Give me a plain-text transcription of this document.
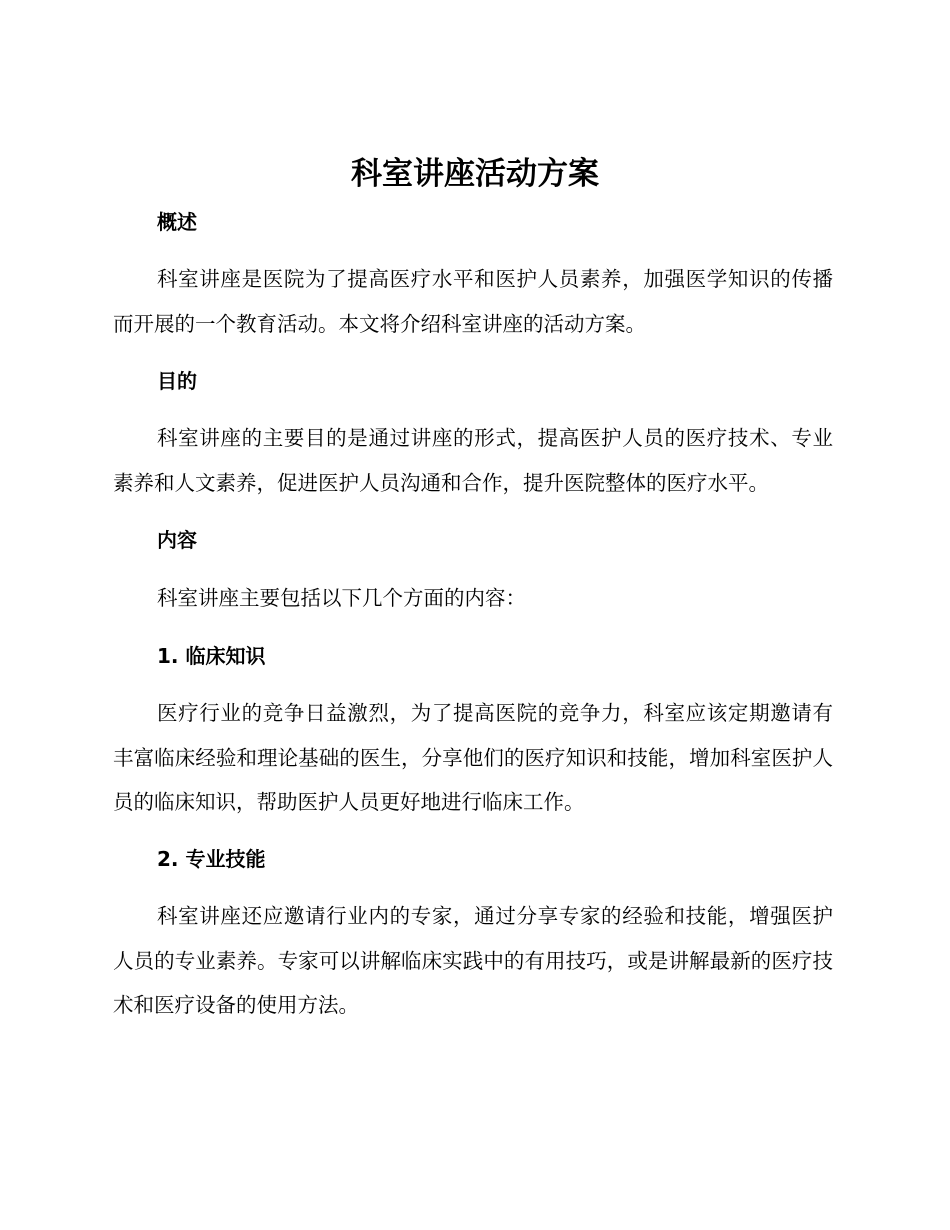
科室讲座活动方案
概述

科室讲座是医院为了提高医疗水平和医护人员素养，加强医学知识的传播而开展的一个教育活动。本文将介绍科室讲座的活动方案。

目的

科室讲座的主要目的是通过讲座的形式，提高医护人员的医疗技术、专业素养和人文素养，促进医护人员沟通和合作，提升医院整体的医疗水平。

内容

科室讲座主要包括以下几个方面的内容：

1. 临床知识

医疗行业的竞争日益激烈，为了提高医院的竞争力，科室应该定期邀请有丰富临床经验和理论基础的医生，分享他们的医疗知识和技能，增加科室医护人员的临床知识，帮助医护人员更好地进行临床工作。

2. 专业技能

科室讲座还应邀请行业内的专家，通过分享专家的经验和技能，增强医护人员的专业素养。专家可以讲解临床实践中的有用技巧，或是讲解最新的医疗技术和医疗设备的使用方法。
